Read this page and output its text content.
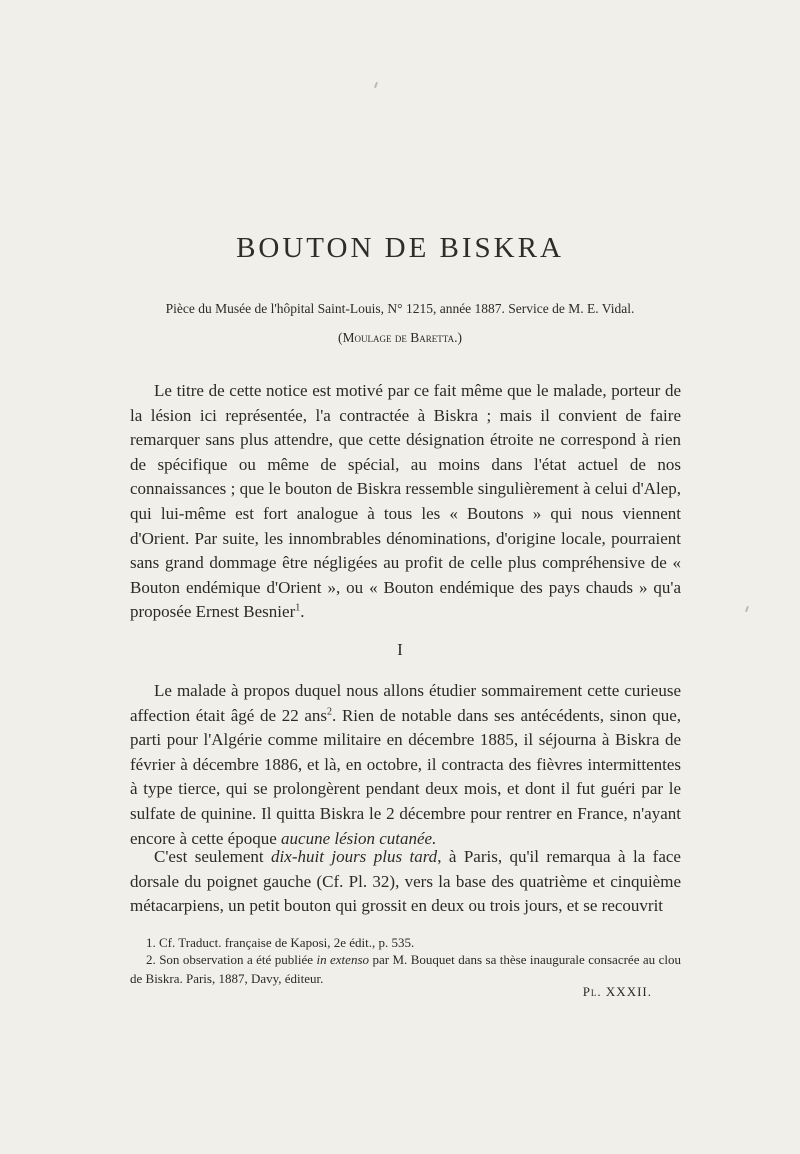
BOUTON DE BISKRA
Pièce du Musée de l'hôpital Saint-Louis, N° 1215, année 1887. Service de M. E. Vidal.
(Moulage de Baretta.)
Le titre de cette notice est motivé par ce fait même que le malade, porteur de la lésion ici représentée, l'a contractée à Biskra ; mais il convient de faire remarquer sans plus attendre, que cette désignation étroite ne correspond à rien de spécifique ou même de spécial, au moins dans l'état actuel de nos connaissances ; que le bouton de Biskra ressemble singulièrement à celui d'Alep, qui lui-même est fort analogue à tous les « Boutons » qui nous viennent d'Orient. Par suite, les innombrables dénominations, d'origine locale, pourraient sans grand dommage être négligées au profit de celle plus compréhensive de « Bouton endémique d'Orient », ou « Bouton endémique des pays chauds » qu'a proposée Ernest Besnier$^1$.
I
Le malade à propos duquel nous allons étudier sommairement cette curieuse affection était âgé de 22 ans$^2$. Rien de notable dans ses antécédents, sinon que, parti pour l'Algérie comme militaire en décembre 1885, il séjourna à Biskra de février à décembre 1886, et là, en octobre, il contracta des fièvres intermittentes à type tierce, qui se prolongèrent pendant deux mois, et dont il fut guéri par le sulfate de quinine. Il quitta Biskra le 2 décembre pour rentrer en France, n'ayant encore à cette époque aucune lésion cutanée.
C'est seulement dix-huit jours plus tard, à Paris, qu'il remarqua à la face dorsale du poignet gauche (Cf. Pl. 32), vers la base des quatrième et cinquième métacarpiens, un petit bouton qui grossit en deux ou trois jours, et se recouvrit
1. Cf. Traduct. française de Kaposi, 2e édit., p. 535.
2. Son observation a été publiée in extenso par M. Bouquet dans sa thèse inaugurale consacrée au clou de Biskra. Paris, 1887, Davy, éditeur.
Pl. XXXII.
